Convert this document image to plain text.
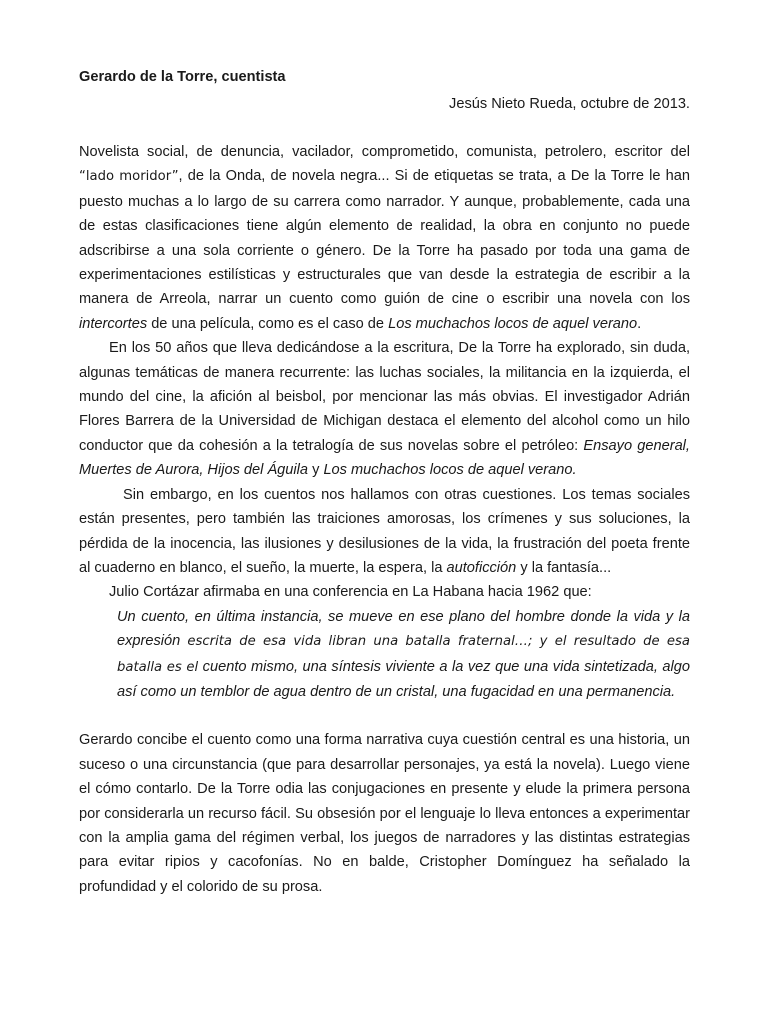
Gerardo de la Torre, cuentista

Jesús Nieto Rueda, octubre de 2013.

Novelista social, de denuncia, vacilador, comprometido, comunista, petrolero, escritor del “lado moridor”, de la Onda, de novela negra... Si de etiquetas se trata, a De la Torre le han puesto muchas a lo largo de su carrera como narrador. Y aunque, probablemente, cada una de estas clasificaciones tiene algún elemento de realidad, la obra en conjunto no puede adscribirse a una sola corriente o género. De la Torre ha pasado por toda una gama de experimentaciones estilísticas y estructurales que van desde la estrategia de escribir a la manera de Arreola, narrar un cuento como guión de cine o escribir una novela con los intercortes de una película, como es el caso de Los muchachos locos de aquel verano.

En los 50 años que lleva dedicándose a la escritura, De la Torre ha explorado, sin duda, algunas temáticas de manera recurrente: las luchas sociales, la militancia en la izquierda, el mundo del cine, la afición al beisbol, por mencionar las más obvias. El investigador Adrián Flores Barrera de la Universidad de Michigan destaca el elemento del alcohol como un hilo conductor que da cohesión a la tetralogía de sus novelas sobre el petróleo: Ensayo general, Muertes de Aurora, Hijos del Águila y Los muchachos locos de aquel verano.

Sin embargo, en los cuentos nos hallamos con otras cuestiones. Los temas sociales están presentes, pero también las traiciones amorosas, los crímenes y sus soluciones, la pérdida de la inocencia, las ilusiones y desilusiones de la vida, la frustración del poeta frente al cuaderno en blanco, el sueño, la muerte, la espera, la autoficción y la fantasía...

Julio Cortázar afirmaba en una conferencia en La Habana hacia 1962 que:

Un cuento, en última instancia, se mueve en ese plano del hombre donde la vida y la expresión escrita de esa vida libran una batalla fraternal…; y el resultado de esa batalla es el cuento mismo, una síntesis viviente a la vez que una vida sintetizada, algo así como un temblor de agua dentro de un cristal, una fugacidad en una permanencia.

Gerardo concibe el cuento como una forma narrativa cuya cuestión central es una historia, un suceso o una circunstancia (que para desarrollar personajes, ya está la novela). Luego viene el cómo contarlo. De la Torre odia las conjugaciones en presente y elude la primera persona por considerarla un recurso fácil. Su obsesión por el lenguaje lo lleva entonces a experimentar con la amplia gama del régimen verbal, los juegos de narradores y las distintas estrategias para evitar ripios y cacofonías. No en balde, Cristopher Domínguez ha señalado la profundidad y el colorido de su prosa.
